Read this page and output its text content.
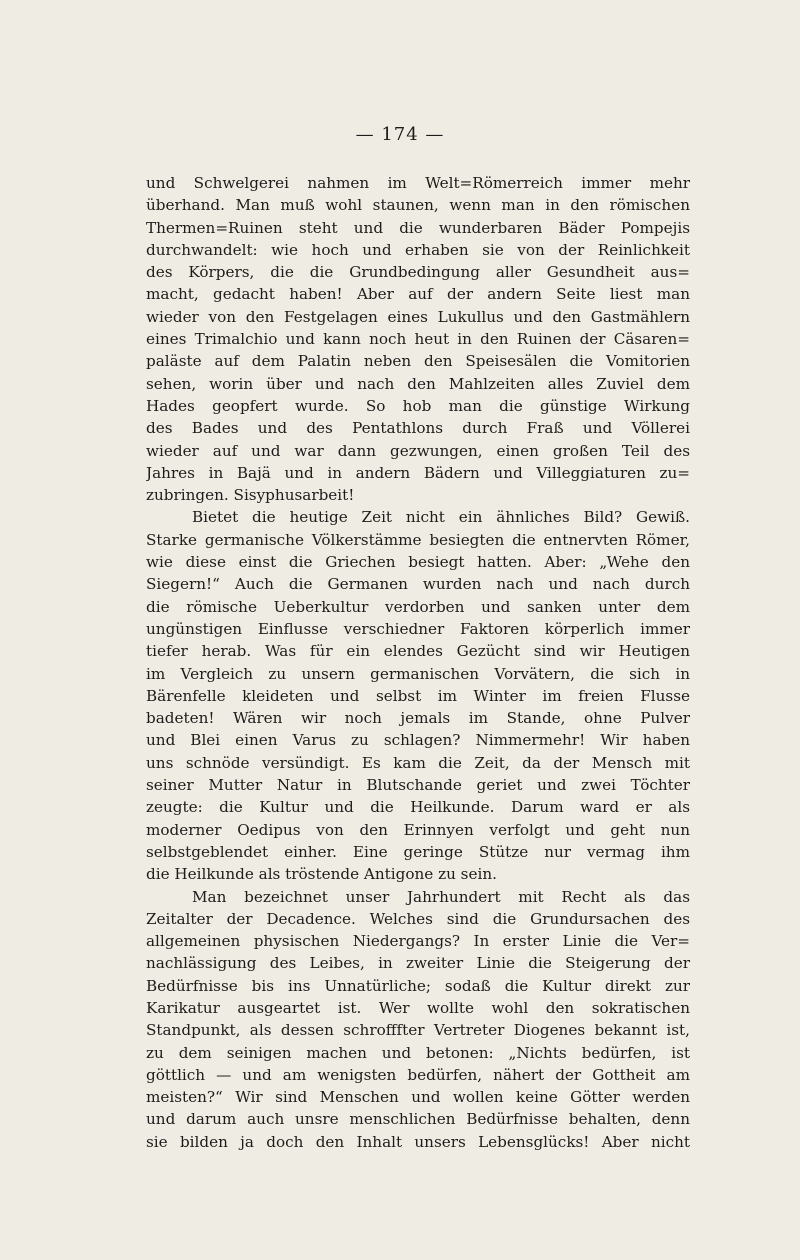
— 174 —
und Schwelgerei nahmen im Welt=Römerreich immer mehr
überhand. Man muß wohl staunen, wenn man in den römischen
Thermen=Ruinen steht und die wunderbaren Bäder Pompejis
durchwandelt: wie hoch und erhaben sie von der Reinlichkeit
des Körpers, die die Grundbedingung aller Gesundheit aus=
macht, gedacht haben! Aber auf der andern Seite liest man
wieder von den Festgelagen eines Lukullus und den Gastmählern
eines Trimalchio und kann noch heut in den Ruinen der Cäsaren=
paläste auf dem Palatin neben den Speisesälen die Vomitorien
sehen, worin über und nach den Mahlzeiten alles Zuviel dem
Hades geopfert wurde. So hob man die günstige Wirkung
des Bades und des Pentathlons durch Fraß und Völlerei
wieder auf und war dann gezwungen, einen großen Teil des
Jahres in Bajä und in andern Bädern und Villeggiaturen zu=
zubringen. Sisyphusarbeit!
Bietet die heutige Zeit nicht ein ähnliches Bild? Gewiß.
Starke germanische Völkerstämme besiegten die entnervten Römer,
wie diese einst die Griechen besiegt hatten. Aber: „Wehe den
Siegern!“ Auch die Germanen wurden nach und nach durch
die römische Ueberkultur verdorben und sanken unter dem
ungünstigen Einflusse verschiedner Faktoren körperlich immer
tiefer herab. Was für ein elendes Gezücht sind wir Heutigen
im Vergleich zu unsern germanischen Vorvätern, die sich in
Bärenfelle kleideten und selbst im Winter im freien Flusse
badeten! Wären wir noch jemals im Stande, ohne Pulver
und Blei einen Varus zu schlagen? Nimmermehr! Wir haben
uns schnöde versündigt. Es kam die Zeit, da der Mensch mit
seiner Mutter Natur in Blutschande geriet und zwei Töchter
zeugte: die Kultur und die Heilkunde. Darum ward er als
moderner Oedipus von den Erinnyen verfolgt und geht nun
selbstgeblendet einher. Eine geringe Stütze nur vermag ihm
die Heilkunde als tröstende Antigone zu sein.
Man bezeichnet unser Jahrhundert mit Recht als das
Zeitalter der Decadence. Welches sind die Grundursachen des
allgemeinen physischen Niedergangs? In erster Linie die Ver=
nachlässigung des Leibes, in zweiter Linie die Steigerung der
Bedürfnisse bis ins Unnatürliche; sodaß die Kultur direkt zur
Karikatur ausgeartet ist. Wer wollte wohl den sokratischen
Standpunkt, als dessen schrofffter Vertreter Diogenes bekannt ist,
zu dem seinigen machen und betonen: „Nichts bedürfen, ist
göttlich — und am wenigsten bedürfen, nähert der Gottheit am
meisten?“ Wir sind Menschen und wollen keine Götter werden
und darum auch unsre menschlichen Bedürfnisse behalten, denn
sie bilden ja doch den Inhalt unsers Lebensglücks! Aber nicht
